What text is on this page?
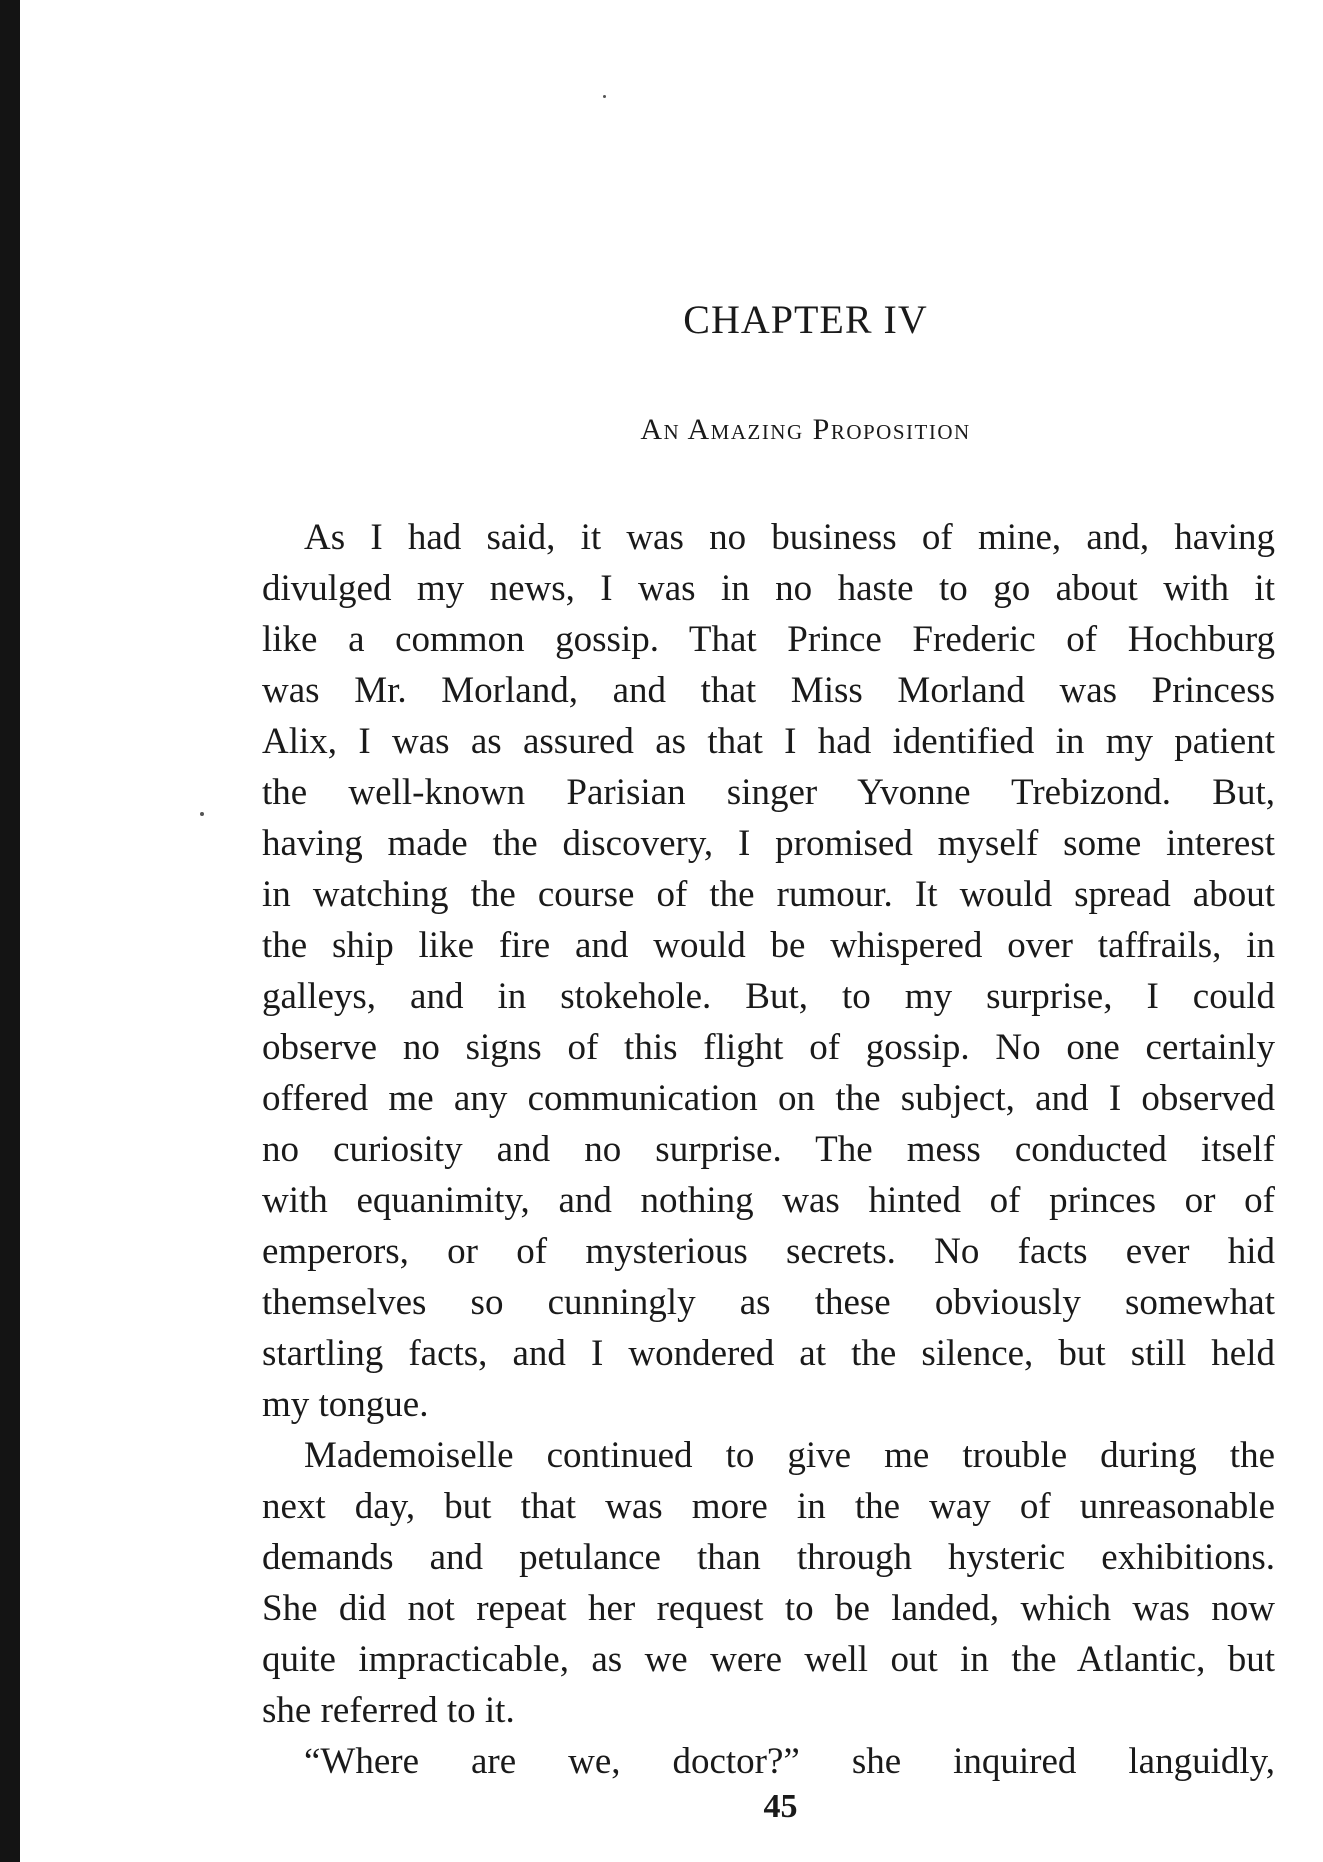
CHAPTER IV
An Amazing Proposition
As I had said, it was no business of mine, and, having
divulged my news, I was in no haste to go about with it
like a common gossip. That Prince Frederic of Hochburg
was Mr. Morland, and that Miss Morland was Princess
Alix, I was as assured as that I had identified in my patient
the well-known Parisian singer Yvonne Trebizond. But,
having made the discovery, I promised myself some interest
in watching the course of the rumour. It would spread about
the ship like fire and would be whispered over taffrails, in
galleys, and in stokehole. But, to my surprise, I could
observe no signs of this flight of gossip. No one certainly
offered me any communication on the subject, and I observed
no curiosity and no surprise. The mess conducted itself
with equanimity, and nothing was hinted of princes or of
emperors, or of mysterious secrets. No facts ever hid
themselves so cunningly as these obviously somewhat
startling facts, and I wondered at the silence, but still held
my tongue.
Mademoiselle continued to give me trouble during the
next day, but that was more in the way of unreasonable
demands and petulance than through hysteric exhibitions.
She did not repeat her request to be landed, which was now
quite impracticable, as we were well out in the Atlantic, but
she referred to it.
“Where are we, doctor?” she inquired languidly,
45
